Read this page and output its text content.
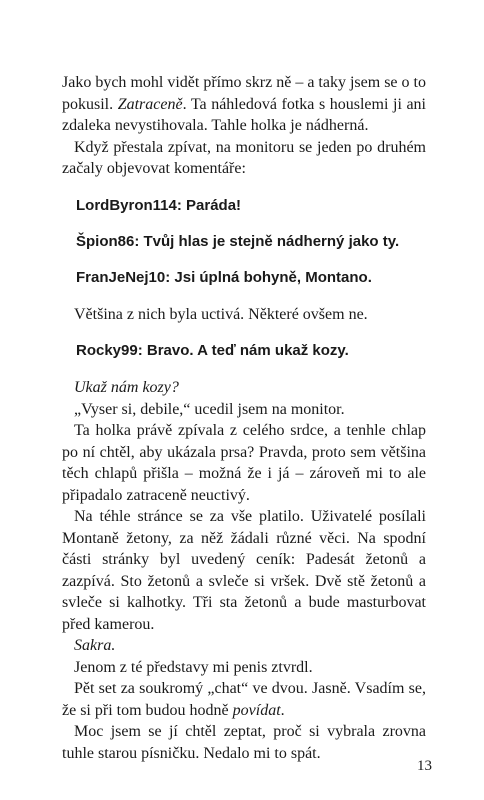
Jako bych mohl vidět přímo skrz ně – a taky jsem se o to pokusil. Zatraceně. Ta náhledová fotka s houslemi ji ani zdaleka nevystihovala. Tahle holka je nádherná.

Když přestala zpívat, na monitoru se jeden po druhém začaly objevovat komentáře:

LordByron114: Paráda!

Špion86: Tvůj hlas je stejně nádherný jako ty.

FranJeNej10: Jsi úplná bohyně, Montano.

Většina z nich byla uctivá. Některé ovšem ne.

Rocky99: Bravo. A teď nám ukaž kozy.

Ukaž nám kozy?

„Vyser si, debile,“ ucedil jsem na monitor.

Ta holka právě zpívala z celého srdce, a tenhle chlap po ní chtěl, aby ukázala prsa? Pravda, proto sem většina těch chlapů přišla – možná že i já – zároveň mi to ale připadalo zatraceně neuctivý.

Na téhle stránce se za vše platilo. Uživatelé posílali Montaně žetony, za něž žádali různé věci. Na spodní části stránky byl uvedený ceník: Padesát žetonů a zazpívá. Sto žetonů a svleče si vršek. Dvě stě žetonů a svleče si kalhotky. Tři sta žetonů a bude masturbovat před kamerou.

Sakra.

Jenom z té představy mi penis ztvrdl.

Pět set za soukromý „chat“ ve dvou. Jasně. Vsadím se, že si při tom budou hodně povídat.

Moc jsem se jí chtěl zeptat, proč si vybrala zrovna tuhle starou písničku. Nedalo mi to spát.

13
